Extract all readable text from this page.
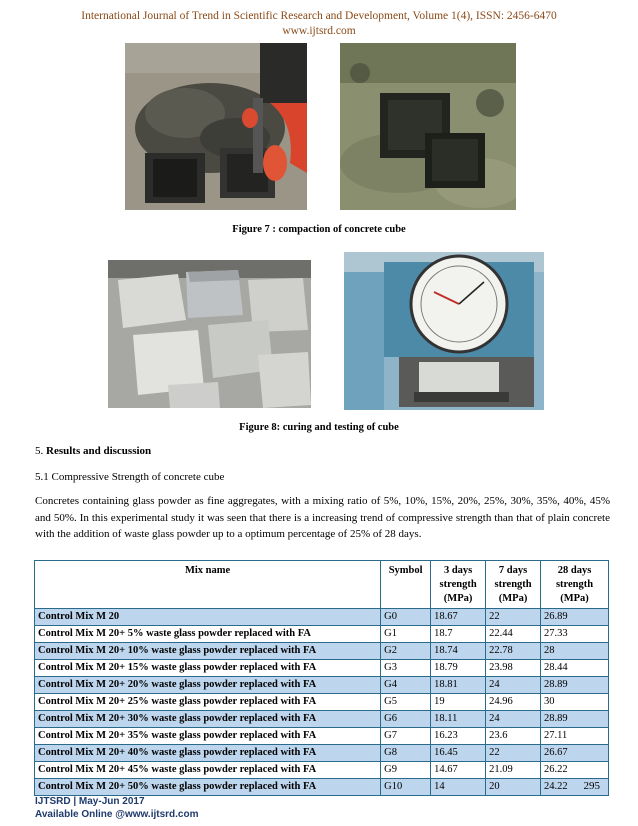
International Journal of Trend in Scientific Research and Development, Volume 1(4), ISSN: 2456-6470
www.ijtsrd.com
Figure 7 : compaction of concrete cube
Figure 8: curing and testing of cube
5. Results and discussion
5.1 Compressive Strength of concrete cube

Concretes containing glass powder as fine aggregates, with a mixing ratio of 5%, 10%, 15%, 20%, 25%, 30%, 35%, 40%, 45% and 50%. In this experimental study it was seen that there is a increasing trend of compressive strength than that of plain concrete with the addition of waste glass powder up to a optimum percentage of 25% of 28 days.

Mix name	Symbol	3 days strength (MPa)	7 days strength (MPa)	28 days strength (MPa)
Control Mix M 20	G0	18.67	22	26.89
Control Mix M 20+ 5% waste glass powder replaced with FA	G1	18.7	22.44	27.33
Control Mix M 20+ 10% waste glass powder replaced with FA	G2	18.74	22.78	28
Control Mix M 20+ 15% waste glass powder replaced with FA	G3	18.79	23.98	28.44
Control Mix M 20+ 20% waste glass powder replaced with FA	G4	18.81	24	28.89
Control Mix M 20+ 25% waste glass powder replaced with FA	G5	19	24.96	30
Control Mix M 20+ 30% waste glass powder replaced with FA	G6	18.11	24	28.89
Control Mix M 20+ 35% waste glass powder replaced with FA	G7	16.23	23.6	27.11
Control Mix M 20+ 40% waste glass powder replaced with FA	G8	16.45	22	26.67
Control Mix M 20+ 45% waste glass powder replaced with FA	G9	14.67	21.09	26.22
Control Mix M 20+ 50% waste glass powder replaced with FA	G10	14	20	24.22 295
IJTSRD | May-Jun 2017
Available Online @www.ijtsrd.com
